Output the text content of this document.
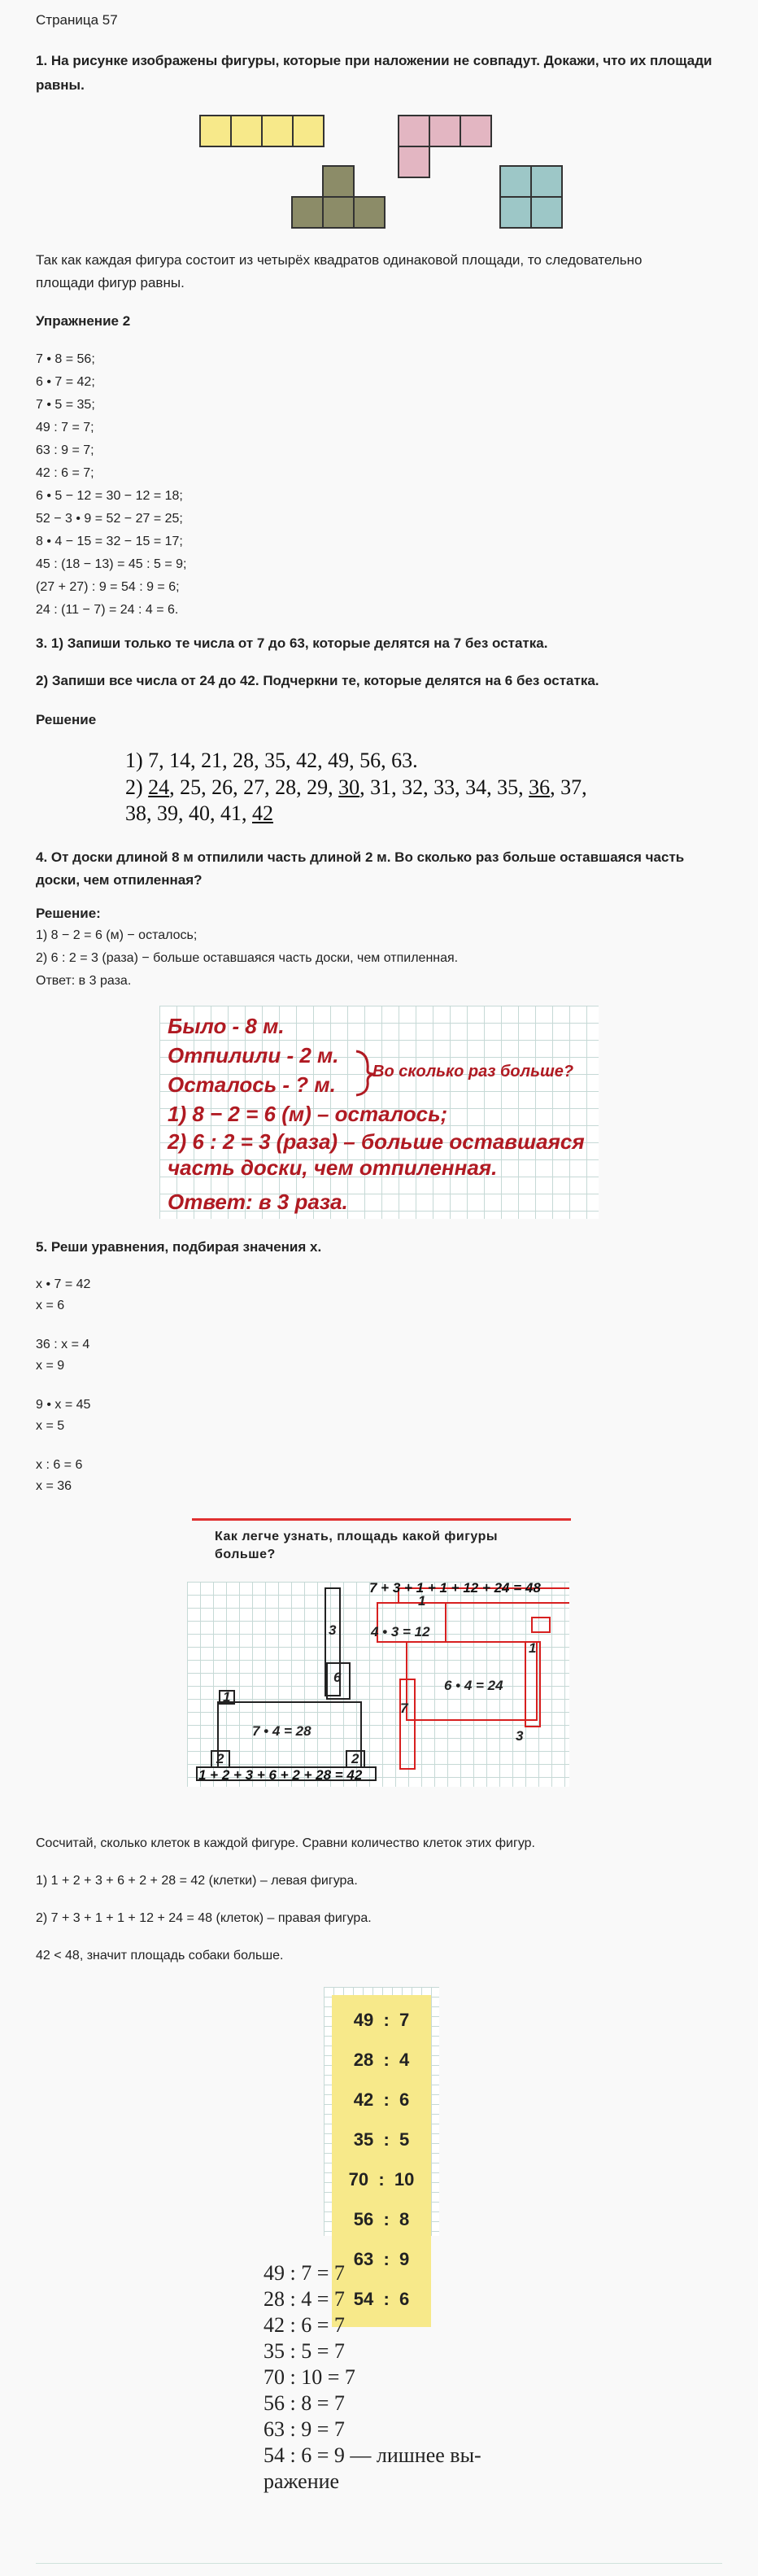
Страница 57
1. На рисунке изображены фигуры, которые при наложении не совпадут. Докажи, что их площади равны.
Так как каждая фигура состоит из четырёх квадратов одинаковой площади, то следовательно площади фигур равны.
Упражнение 2
7 • 8 = 56;
6 • 7 = 42;
7 • 5 = 35;
49 : 7 = 7;
63 : 9 = 7;
42 : 6 = 7;
6 • 5 − 12 = 30 − 12 = 18;
52 − 3 • 9 = 52 − 27 = 25;
8 • 4 − 15 = 32 − 15 = 17;
45 : (18 − 13) = 45 : 5 = 9;
(27 + 27) : 9 = 54 : 9 = 6;
24 : (11 − 7) = 24 : 4 = 6.
3. 1) Запиши только те числа от 7 до 63, которые делятся на 7 без остатка.
2) Запиши все числа от 24 до 42. Подчеркни те, которые делятся на 6 без остатка.
Решение
1) 7, 14, 21, 28, 35, 42, 49, 56, 63.
2) 24, 25, 26, 27, 28, 29, 30, 31, 32, 33, 34, 35, 36, 37,
38, 39, 40, 41, 42
4. От доски длиной 8 м отпилили часть длиной 2 м. Во сколько раз больше оставшаяся часть доски, чем отпиленная?
Решение:
1) 8 − 2 = 6 (м) − осталось;
2) 6 : 2 = 3 (раза) − больше оставшаяся часть доски, чем отпиленная.
Ответ: в 3 раза.
Было - 8 м.
Отпилили - 2 м.
Осталось - ? м.
Во сколько раз больше?
1) 8 − 2 = 6 (м) – осталось;
2) 6 : 2 = 3 (раза) – больше оставшаяся
часть доски, чем отпиленная.
Ответ: в 3 раза.
5. Реши уравнения, подбирая значения x.
x • 7 = 42
x = 6
36 : x = 4
x = 9
9 • x = 45
x = 5
x : 6 = 6
x = 36
Как легче узнать, площадь какой фигуры больше?
7 + 3 + 1 + 1 + 12 + 24 = 48
1 + 2 + 3 + 6 + 2 + 28 = 42
3
6
1
7 • 4 = 28
2	2
1
4 • 3 = 12
1
6 • 4 = 24
7
3
Сосчитай, сколько клеток в каждой фигуре. Сравни количество клеток этих фигур.
1) 1 + 2 + 3 + 6 + 2 + 28 = 42 (клетки) – левая фигура.
2) 7 + 3 + 1 + 1 + 12 + 24 = 48 (клеток) – правая фигура.
42 < 48, значит площадь собаки больше.
49  :  7
28  :  4
42  :  6
35  :  5
70  :  10
56  :  8
63  :  9
54  :  6
49 : 7 = 7
28 : 4 = 7
42 : 6 = 7
35 : 5 = 7
70 : 10 = 7
56 : 8 = 7
63 : 9 = 7
54 : 6 = 9 — лишнее вы-
ражение
